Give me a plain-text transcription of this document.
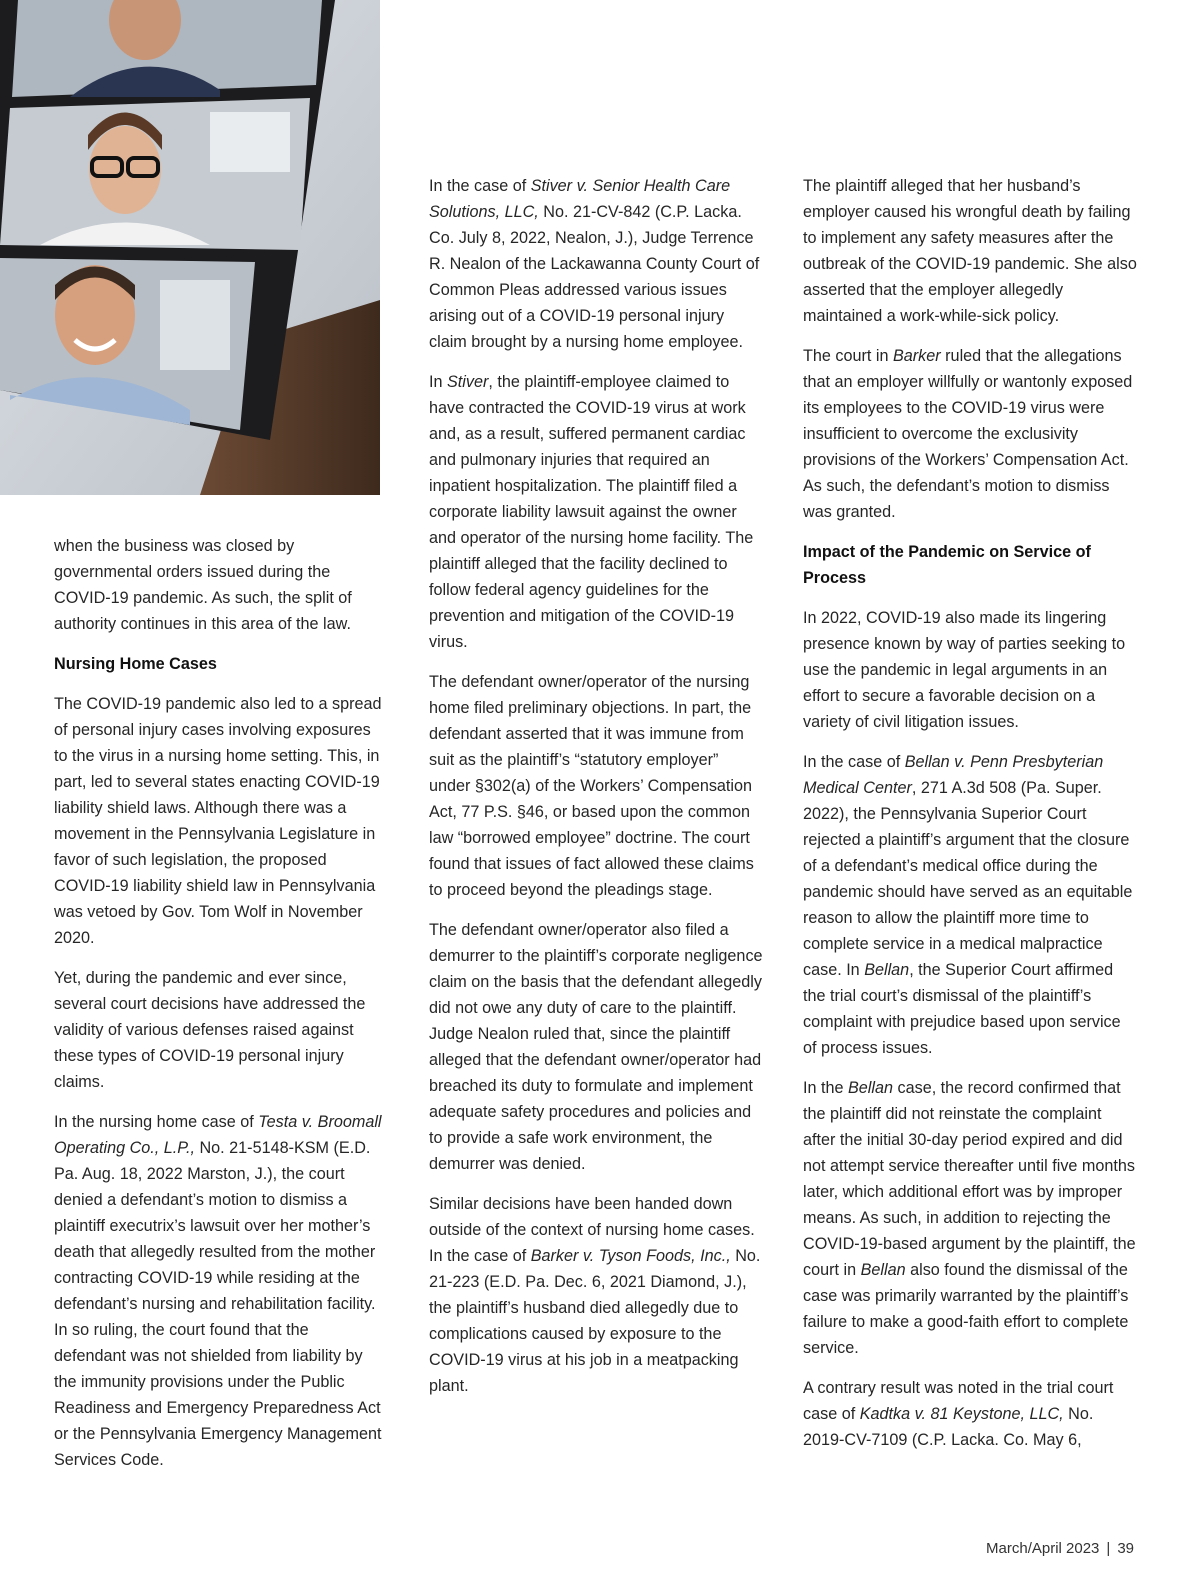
when the business was closed by governmental orders issued during the COVID-19 pandemic. As such, the split of authority continues in this area of the law.

Nursing Home Cases

The COVID-19 pandemic also led to a spread of personal injury cases involving exposures to the virus in a nursing home setting. This, in part, led to several states enacting COVID-19 liability shield laws. Although there was a movement in the Pennsylvania Legislature in favor of such legislation, the proposed COVID-19 liability shield law in Pennsylvania was vetoed by Gov. Tom Wolf in November 2020.

Yet, during the pandemic and ever since, several court decisions have addressed the validity of various defenses raised against these types of COVID-19 personal injury claims.

In the nursing home case of Testa v. Broomall Operating Co., L.P., No. 21-5148-KSM (E.D. Pa. Aug. 18, 2022 Marston, J.), the court denied a defendant’s motion to dismiss a plaintiff executrix’s lawsuit over her mother’s death that allegedly resulted from the mother contracting COVID-19 while residing at the defendant’s nursing and rehabilitation facility. In so ruling, the court found that the defendant was not shielded from liability by the immunity provisions under the Public Readiness and Emergency Preparedness Act or the Pennsylvania Emergency Management Services Code.

In the case of Stiver v. Senior Health Care Solutions, LLC, No. 21-CV-842 (C.P. Lacka. Co. July 8, 2022, Nealon, J.), Judge Terrence R. Nealon of the Lackawanna County Court of Common Pleas addressed various issues arising out of a COVID-19 personal injury claim brought by a nursing home employee.

In Stiver, the plaintiff-employee claimed to have contracted the COVID-19 virus at work and, as a result, suffered permanent cardiac and pulmonary injuries that required an inpatient hospitalization. The plaintiff filed a corporate liability lawsuit against the owner and operator of the nursing home facility. The plaintiff alleged that the facility declined to follow federal agency guidelines for the prevention and mitigation of the COVID-19 virus.

The defendant owner/operator of the nursing home filed preliminary objections. In part, the defendant asserted that it was immune from suit as the plaintiff’s “statutory employer” under §302(a) of the Workers’ Compensation Act, 77 P.S. §46, or based upon the common law “borrowed employee” doctrine. The court found that issues of fact allowed these claims to proceed beyond the pleadings stage.

The defendant owner/operator also filed a demurrer to the plaintiff’s corporate negligence claim on the basis that the defendant allegedly did not owe any duty of care to the plaintiff. Judge Nealon ruled that, since the plaintiff alleged that the defendant owner/operator had breached its duty to formulate and implement adequate safety procedures and policies and to provide a safe work environment, the demurrer was denied.

Similar decisions have been handed down outside of the context of nursing home cases. In the case of Barker v. Tyson Foods, Inc., No. 21-223 (E.D. Pa. Dec. 6, 2021 Diamond, J.), the plaintiff’s husband died allegedly due to complications caused by exposure to the COVID-19 virus at his job in a meatpacking plant.

The plaintiff alleged that her husband’s employer caused his wrongful death by failing to implement any safety measures after the outbreak of the COVID-19 pandemic. She also asserted that the employer allegedly maintained a work-while-sick policy.

The court in Barker ruled that the allegations that an employer willfully or wantonly exposed its employees to the COVID-19 virus were insufficient to overcome the exclusivity provisions of the Workers’ Compensation Act. As such, the defendant’s motion to dismiss was granted.

Impact of the Pandemic on Service of Process

In 2022, COVID-19 also made its lingering presence known by way of parties seeking to use the pandemic in legal arguments in an effort to secure a favorable decision on a variety of civil litigation issues.

In the case of Bellan v. Penn Presbyterian Medical Center, 271 A.3d 508 (Pa. Super. 2022), the Pennsylvania Superior Court rejected a plaintiff’s argument that the closure of a defendant’s medical office during the pandemic should have served as an equitable reason to allow the plaintiff more time to complete service in a medical malpractice case. In Bellan, the Superior Court affirmed the trial court’s dismissal of the plaintiff’s complaint with prejudice based upon service of process issues.

In the Bellan case, the record confirmed that the plaintiff did not reinstate the complaint after the initial 30-day period expired and did not attempt service thereafter until five months later, which additional effort was by improper means. As such, in addition to rejecting the COVID-19-based argument by the plaintiff, the court in Bellan also found the dismissal of the case was primarily warranted by the plaintiff’s failure to make a good-faith effort to complete service.

A contrary result was noted in the trial court case of Kadtka v. 81 Keystone, LLC, No. 2019-CV-7109 (C.P. Lacka. Co. May 6,

March/April 2023 | 39
